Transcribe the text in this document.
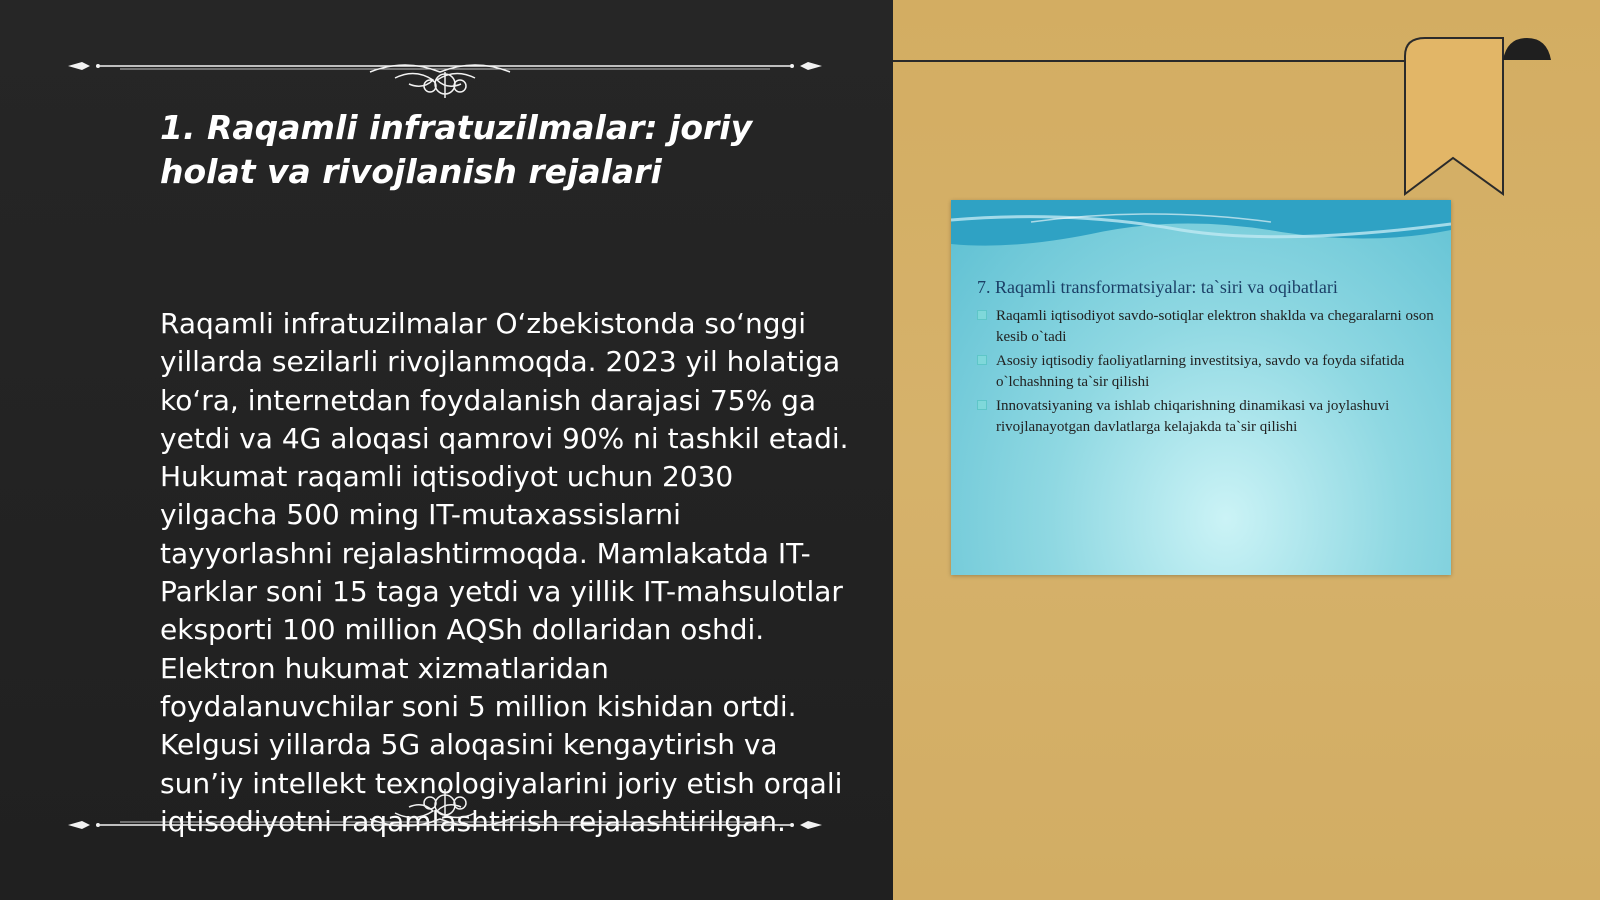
1. Raqamli infratuzilmalar: joriy holat va rivojlanish rejalari

Raqamli infratuzilmalar O‘zbekistonda so‘nggi yillarda sezilarli rivojlanmoqda. 2023 yil holatiga ko‘ra, internetdan foydalanish darajasi 75% ga yetdi va 4G aloqasi qamrovi 90% ni tashkil etadi. Hukumat raqamli iqtisodiyot uchun 2030 yilgacha 500 ming IT-mutaxassislarni tayyorlashni rejalashtirmoqda. Mamlakatda IT-Parklar soni 15 taga yetdi va yillik IT-mahsulotlar eksporti 100 million AQSh dollaridan oshdi. Elektron hukumat xizmatlaridan foydalanuvchilar soni 5 million kishidan ortdi. Kelgusi yillarda 5G aloqasini kengaytirish va sun’iy intellekt texnologiyalarini joriy etish orqali iqtisodiyotni raqamlashtirish rejalashtirilgan.

7. Raqamli transformatsiyalar: ta`siri va oqibatlari

Raqamli iqtisodiyot savdo-sotiqlar elektron shaklda va chegaralarni oson kesib o`tadi
Asosiy iqtisodiy faoliyatlarning investitsiya, savdo va foyda sifatida o`lchashning ta`sir qilishi
Innovatsiyaning va ishlab chiqarishning dinamikasi va joylashuvi rivojlanayotgan davlatlarga kelajakda ta`sir qilishi
